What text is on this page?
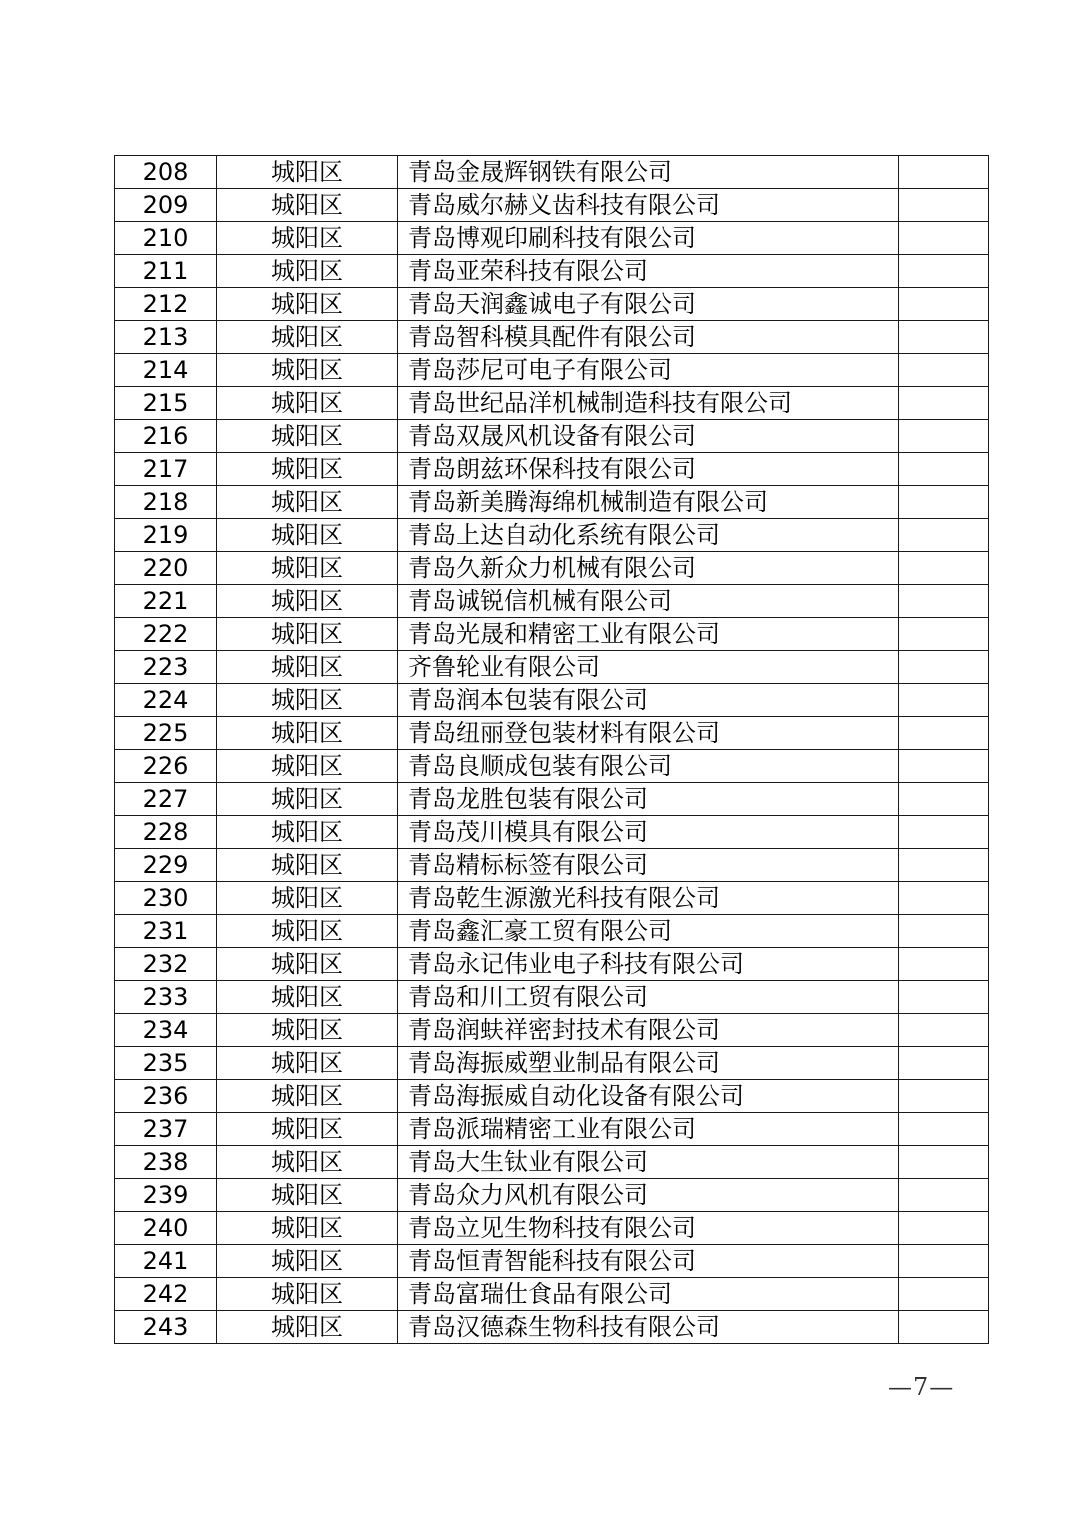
208	城阳区	青岛金晟辉钢铁有限公司	
209	城阳区	青岛威尔赫义齿科技有限公司	
210	城阳区	青岛博观印刷科技有限公司	
211	城阳区	青岛亚荣科技有限公司	
212	城阳区	青岛天润鑫诚电子有限公司	
213	城阳区	青岛智科模具配件有限公司	
214	城阳区	青岛莎尼可电子有限公司	
215	城阳区	青岛世纪品洋机械制造科技有限公司	
216	城阳区	青岛双晟风机设备有限公司	
217	城阳区	青岛朗兹环保科技有限公司	
218	城阳区	青岛新美腾海绵机械制造有限公司	
219	城阳区	青岛上达自动化系统有限公司	
220	城阳区	青岛久新众力机械有限公司	
221	城阳区	青岛诚锐信机械有限公司	
222	城阳区	青岛光晟和精密工业有限公司	
223	城阳区	齐鲁轮业有限公司	
224	城阳区	青岛润本包装有限公司	
225	城阳区	青岛纽丽登包装材料有限公司	
226	城阳区	青岛良顺成包装有限公司	
227	城阳区	青岛龙胜包装有限公司	
228	城阳区	青岛茂川模具有限公司	
229	城阳区	青岛精标标签有限公司	
230	城阳区	青岛乾生源激光科技有限公司	
231	城阳区	青岛鑫汇豪工贸有限公司	
232	城阳区	青岛永记伟业电子科技有限公司	
233	城阳区	青岛和川工贸有限公司	
234	城阳区	青岛润蚨祥密封技术有限公司	
235	城阳区	青岛海振威塑业制品有限公司	
236	城阳区	青岛海振威自动化设备有限公司	
237	城阳区	青岛派瑞精密工业有限公司	
238	城阳区	青岛大生钛业有限公司	
239	城阳区	青岛众力风机有限公司	
240	城阳区	青岛立见生物科技有限公司	
241	城阳区	青岛恒青智能科技有限公司	
242	城阳区	青岛富瑞仕食品有限公司	
243	城阳区	青岛汉德森生物科技有限公司	
—7—
